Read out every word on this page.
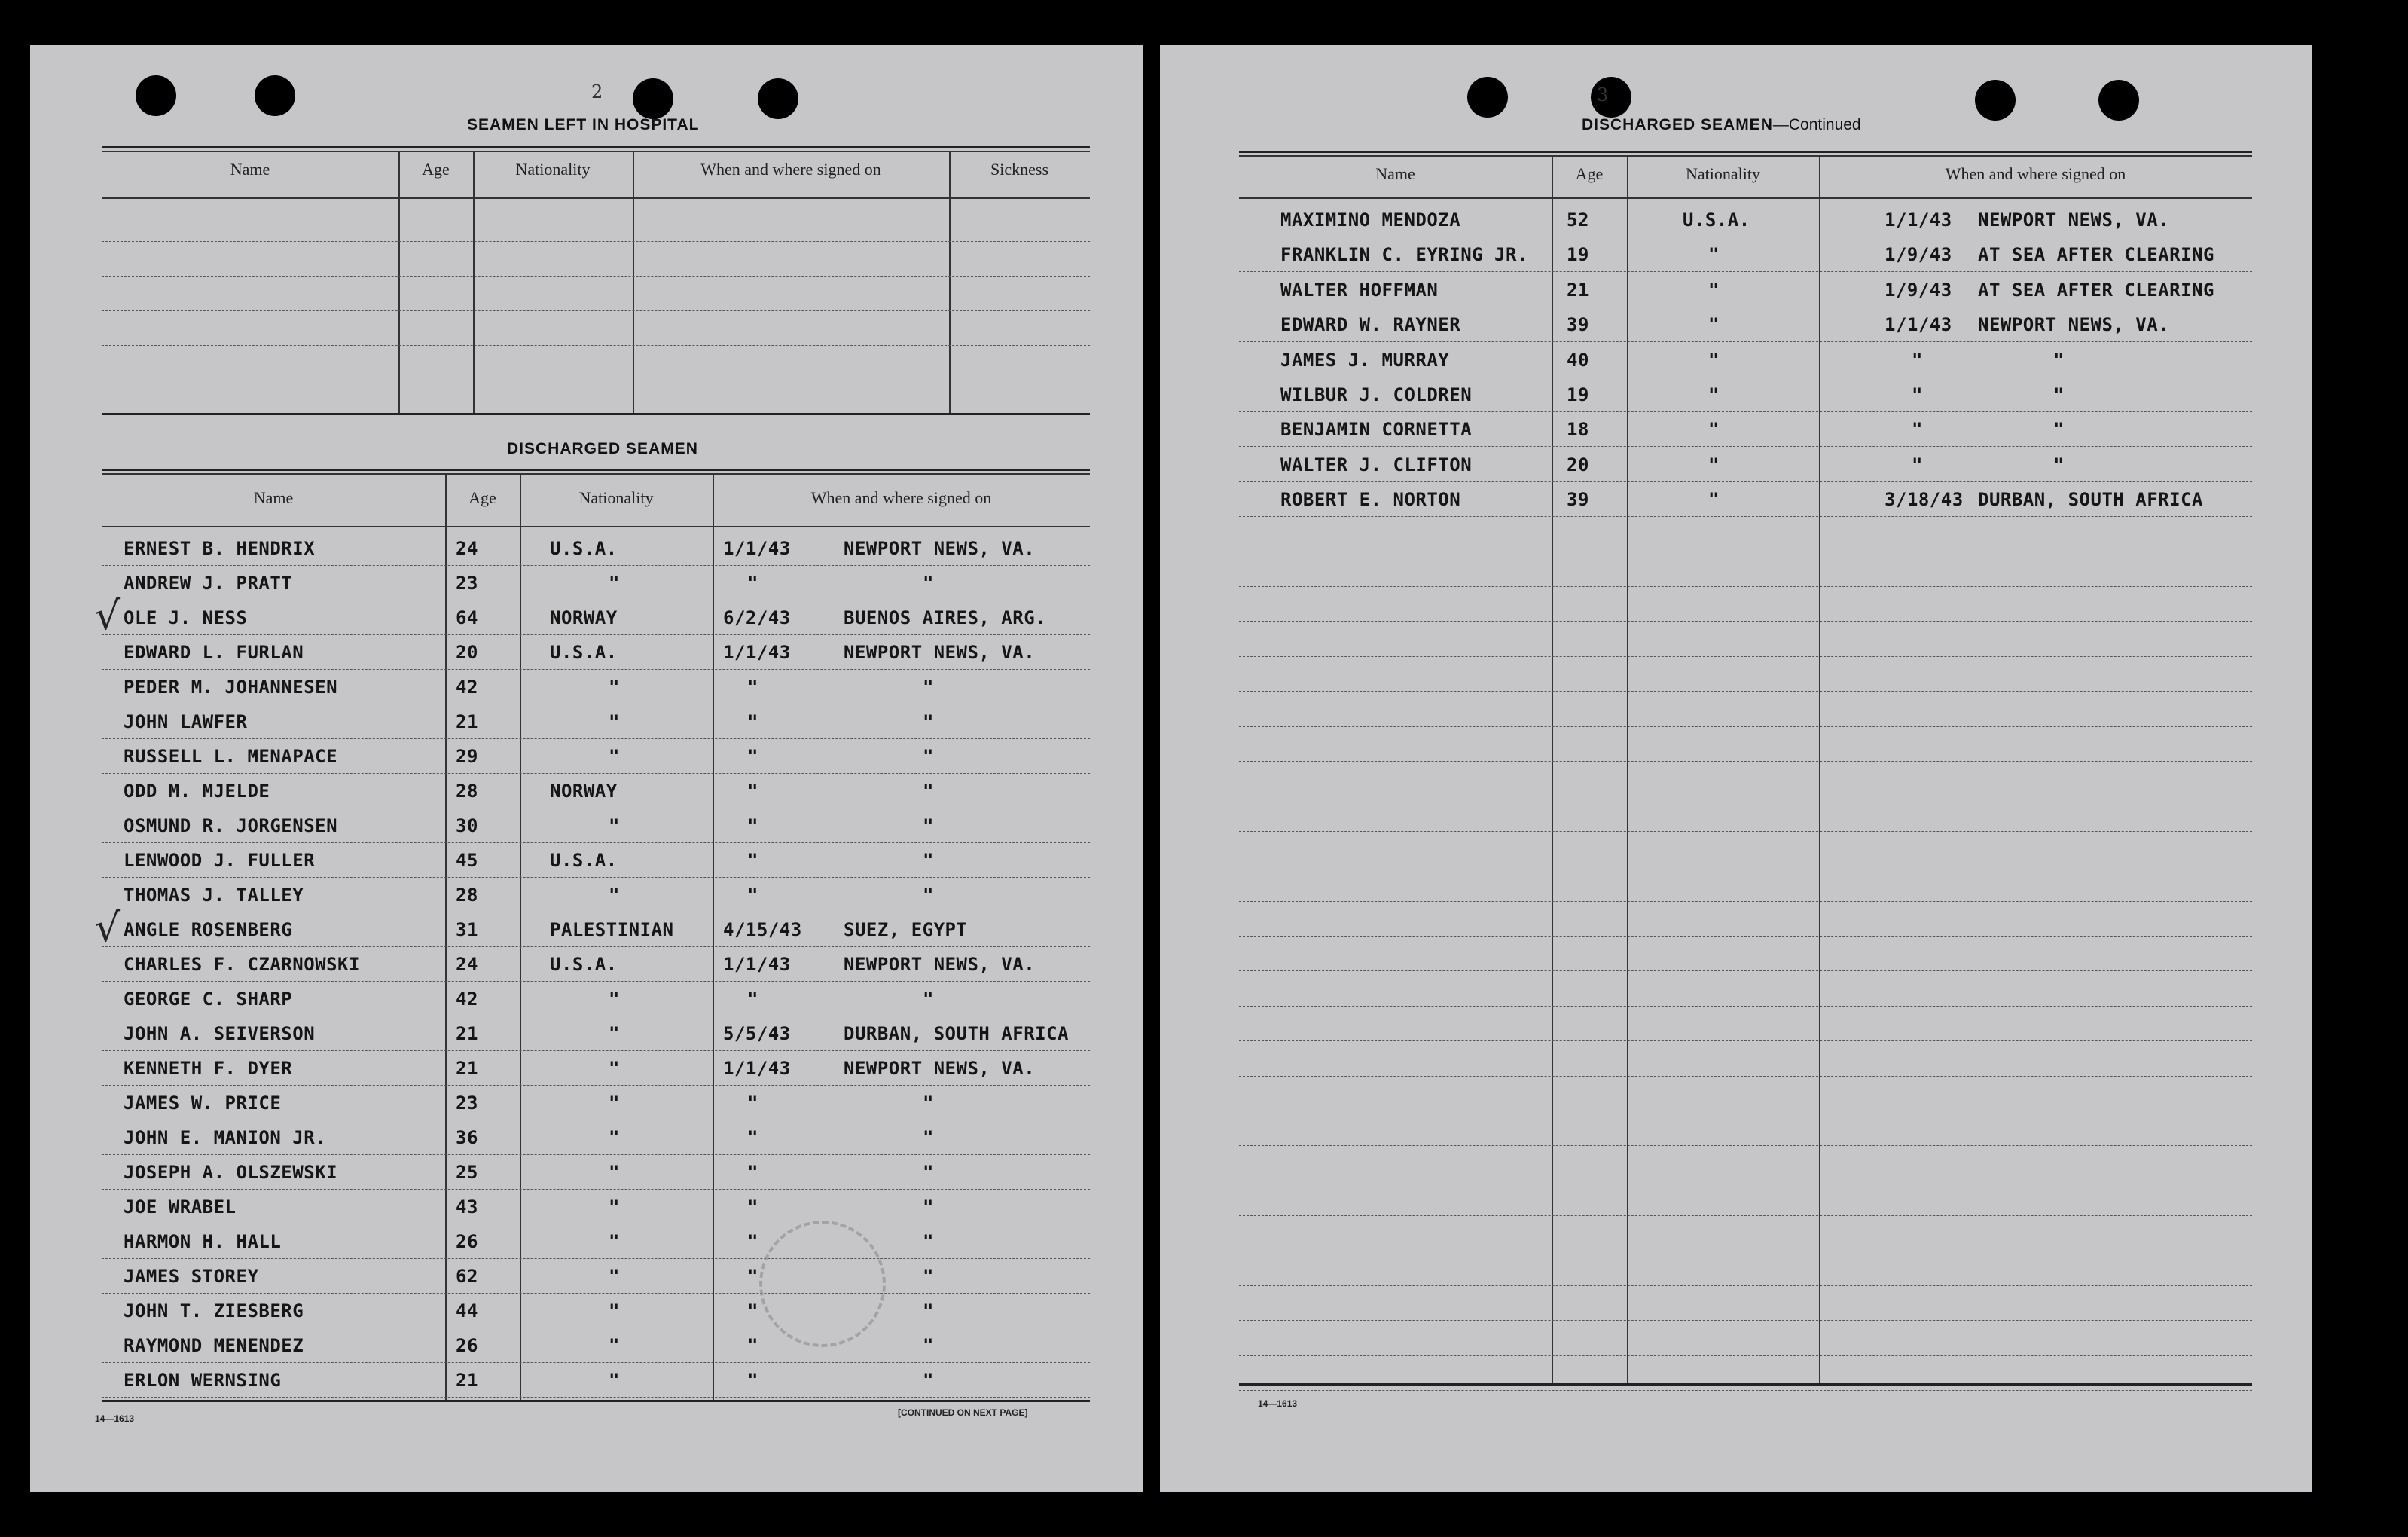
2
SEAMEN LEFT IN HOSPITAL
Name	Age	Nationality	When and where signed on	Sickness
DISCHARGED SEAMEN
Name	Age	Nationality	When and where signed on
ERNEST B. HENDRIX	24	U.S.A.	1/1/43	NEWPORT NEWS, VA.
ANDREW J. PRATT	23	"	"	"
OLE J. NESS	64	NORWAY	6/2/43	BUENOS AIRES, ARG.
√
EDWARD L. FURLAN	20	U.S.A.	1/1/43	NEWPORT NEWS, VA.
PEDER M. JOHANNESEN	42	"	"	"
JOHN LAWFER	21	"	"	"
RUSSELL L. MENAPACE	29	"	"	"
ODD M. MJELDE	28	NORWAY	"	"
OSMUND R. JORGENSEN	30	"	"	"
LENWOOD J. FULLER	45	U.S.A.	"	"
THOMAS J. TALLEY	28	"	"	"
ANGLE ROSENBERG	31	PALESTINIAN	4/15/43 SUEZ, EGYPT
√
CHARLES F. CZARNOWSKI	24	U.S.A.	1/1/43	NEWPORT NEWS, VA.
GEORGE C. SHARP	42	"	"	"
JOHN A. SEIVERSON	21	"	5/5/43	DURBAN, SOUTH AFRICA
KENNETH F. DYER	21	"	1/1/43	NEWPORT NEWS, VA.
JAMES W. PRICE	23	"	"	"
JOHN E. MANION JR.	36	"	"	"
JOSEPH A. OLSZEWSKI	25	"	"	"
JOE WRABEL	43	"	"	"
HARMON H. HALL	26	"	"	"
JAMES STOREY	62	"	"	"
JOHN T. ZIESBERG	44	"	"	"
RAYMOND MENENDEZ	26	"	"	"
ERLON WERNSING	21	"	"	"
14—1613
[CONTINUED ON NEXT PAGE]
3
DISCHARGED SEAMEN—Continued
Name	Age	Nationality	When and where signed on
MAXIMINO MENDOZA	52	U.S.A.	1/1/43 NEWPORT NEWS, VA.
FRANKLIN C. EYRING JR. 19	"	1/9/43 AT SEA AFTER CLEARING
WALTER HOFFMAN	21	"	1/9/43 AT SEA AFTER CLEARING
EDWARD W. RAYNER	39	"	1/1/43 NEWPORT NEWS, VA.
JAMES J. MURRAY	40	"	"	"
WILBUR J. COLDREN	19	"	"	"
BENJAMIN CORNETTA	18	"	"	"
WALTER J. CLIFTON	20	"	"	"
ROBERT E. NORTON	39	"	3/18/43 DURBAN, SOUTH AFRICA
14—1613
